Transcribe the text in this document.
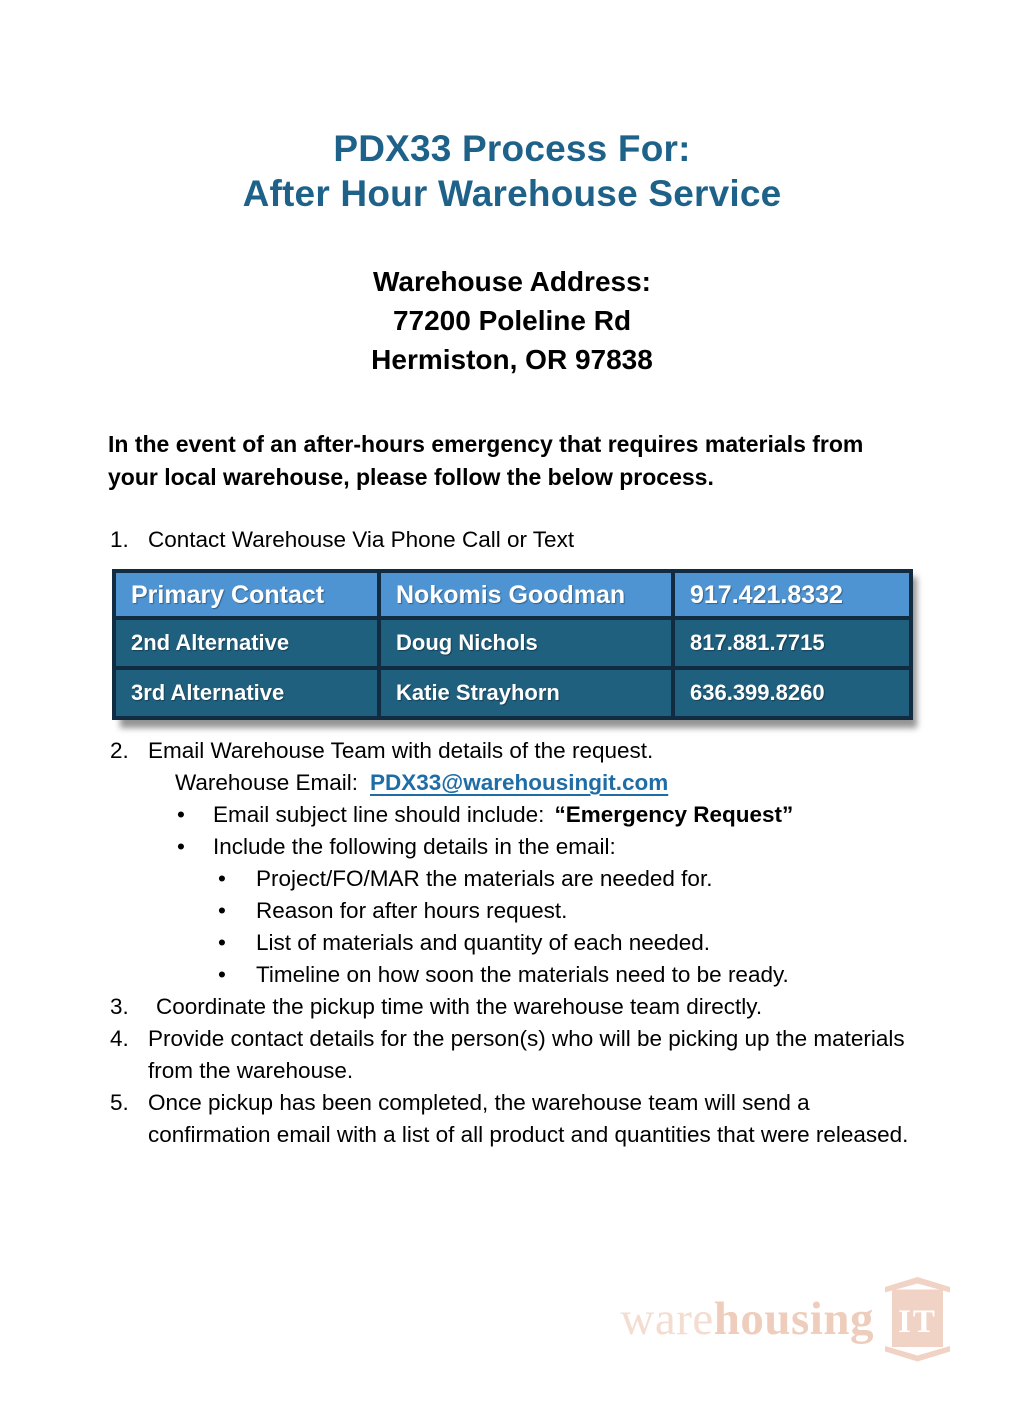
PDX33 Process For:
After Hour Warehouse Service
Warehouse Address:
77200 Poleline Rd
Hermiston, OR 97838
In the event of an after-hours emergency that requires materials from your local warehouse, please follow the below process.
1. Contact Warehouse Via Phone Call or Text
Primary Contact	Nokomis Goodman	917.421.8332
2nd Alternative	Doug Nichols	817.881.7715
3rd Alternative	Katie Strayhorn	636.399.8260
2. Email Warehouse Team with details of the request.
Warehouse Email: PDX33@warehousingit.com
•	Email subject line should include: “Emergency Request”
•	Include the following details in the email:
•	Project/FO/MAR the materials are needed for.
•	Reason for after hours request.
•	List of materials and quantity of each needed.
•	Timeline on how soon the materials need to be ready.
3.	Coordinate the pickup time with the warehouse team directly.
4. Provide contact details for the person(s) who will be picking up the materials from the warehouse.
5. Once pickup has been completed, the warehouse team will send a confirmation email with a list of all product and quantities that were released.
warehousing IT
